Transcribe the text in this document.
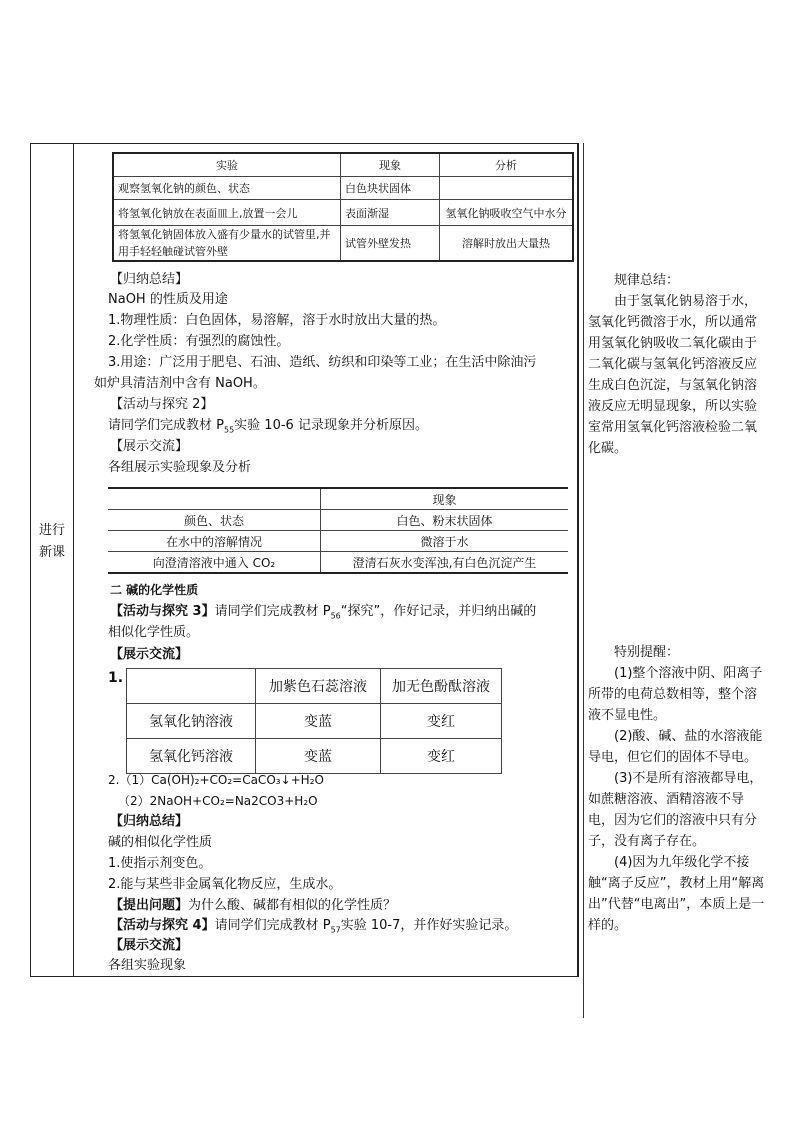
进行
新课
实验	现象	分析
观察氢氧化钠的颜色、状态	白色块状固体	
将氢氧化钠放在表面皿上,放置一会儿	表面渐湿	氢氧化钠吸收空气中水分
将氢氧化钠固体放入盛有少量水的试管里,并用手轻轻触碰试管外壁	试管外壁发热	溶解时放出大量热
【归纳总结】
NaOH 的性质及用途
1.物理性质：白色固体，易溶解，溶于水时放出大量的热。
2.化学性质：有强烈的腐蚀性。
3.用途：广泛用于肥皂、石油、造纸、纺织和印染等工业；在生活中除油污
如炉具清洁剂中含有 NaOH。
【活动与探究 2】
请同学们完成教材 $P_{55}$实验 10-6 记录现象并分析原因。
【展示交流】
各组展示实验现象及分析
	现象
颜色、状态	白色、粉末状固体
在水中的溶解情况	微溶于水
向澄清溶液中通入 CO₂	澄清石灰水变浑浊,有白色沉淀产生
二 碱的化学性质
【活动与探究 3】请同学们完成教材 $P_{56}“$探究”，作好记录，并归纳出碱的
相似化学性质。
【展示交流】
1.
	加紫色石蕊溶液	加无色酚酞溶液
氢氧化钠溶液	变蓝	变红
氢氧化钙溶液	变蓝	变红
2.（1）Ca(OH)₂+CO₂=CaCO₃↓+H₂O
（2）2NaOH+CO₂=Na2CO3+H₂O
【归纳总结】
碱的相似化学性质
1.使指示剂变色。
2.能与某些非金属氧化物反应，生成水。
【提出问题】为什么酸、碱都有相似的化学性质？
【活动与探究 4】请同学们完成教材 $P_{57}$实验 10-7，并作好实验记录。
【展示交流】
各组实验现象

规律总结：

由于氢氧化钠易溶于水，氢氧化钙微溶于水，所以通常用氢氧化钠吸收二氧化碳由于二氧化碳与氢氧化钙溶液反应生成白色沉淀，与氢氧化钠溶液反应无明显现象，所以实验室常用氢氧化钙溶液检验二氧化碳。

特别提醒：

(1)整个溶液中阴、阳离子所带的电荷总数相等，整个溶液不显电性。

(2)酸、碱、盐的水溶液能导电，但它们的固体不导电。

(3)不是所有溶液都导电，如蔗糖溶液、酒精溶液不导电，因为它们的溶液中只有分子，没有离子存在。

(4)因为九年级化学不接触“离子反应”，教材上用“解离出”代替“电离出”，本质上是一样的。
